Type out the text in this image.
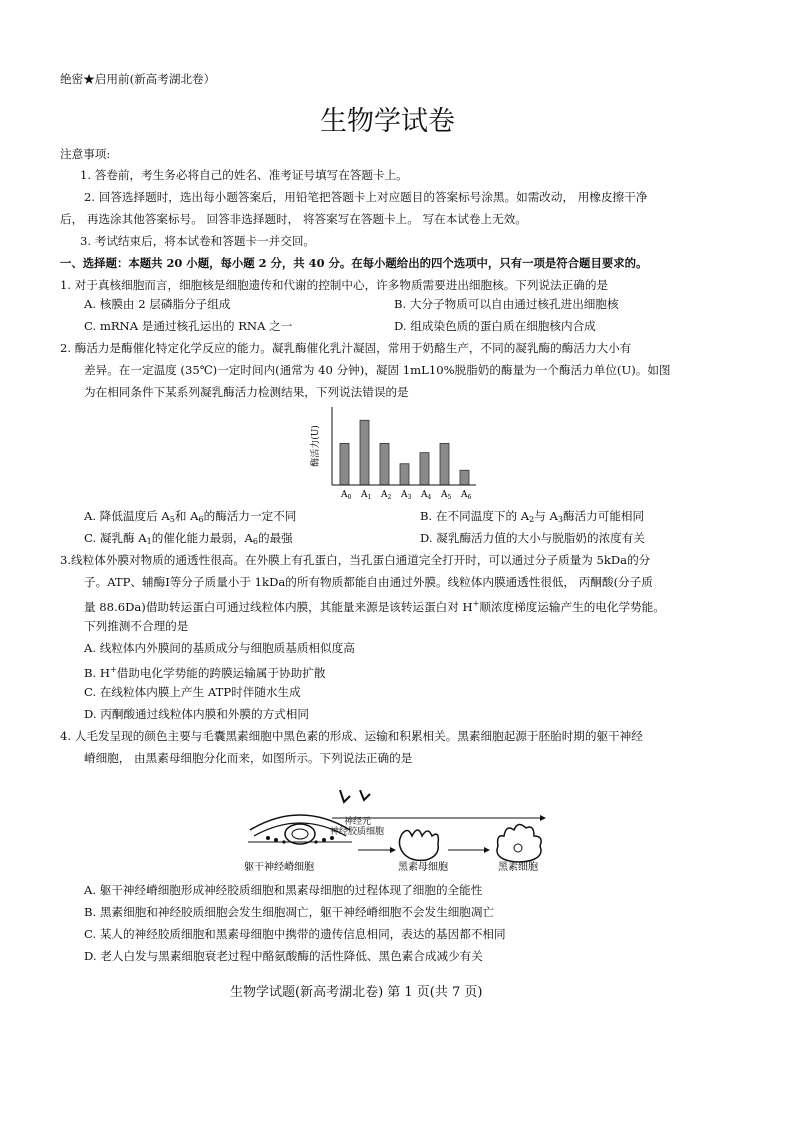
绝密★启用前(新高考湖北卷）
生物学试卷
注意事项:
1. 答卷前，考生务必将自己的姓名、准考证号填写在答题卡上。
2. 回答选择题时，选出每小题答案后，用铅笔把答题卡上对应题目的答案标号涂黑。如需改动， 用橡皮擦干净
后， 再选涂其他答案标号。 回答非选择题时， 将答案写在答题卡上。 写在本试卷上无效。
3. 考试结束后，将本试卷和答题卡一并交回。
一、选择题：本题共 20 小题，每小题 2 分，共 40 分。在每小题给出的四个选项中，只有一项是符合题目要求的。
1. 对于真核细胞而言，细胞核是细胞遗传和代谢的控制中心，许多物质需要进出细胞核。下列说法正确的是
A. 核膜由 2 层磷脂分子组成	B. 大分子物质可以自由通过核孔进出细胞核
C. mRNA 是通过核孔运出的 RNA 之一	D. 组成染色质的蛋白质在细胞核内合成
2. 酶活力是酶催化特定化学反应的能力。凝乳酶催化乳汁凝固，常用于奶酪生产，不同的凝乳酶的酶活力大小有
差异。在一定温度 (35℃)一定时间内(通常为 40 分钟)，凝固 1mL10%脱脂奶的酶量为一个酶活力单位(U)。如图
为在相同条件下某系列凝乳酶活力检测结果，下列说法错误的是
酶活力(U)
$A_0$ $A_1$ $A_2$ $A_3$ $A_4$ $A_5$ $A_6$
A. 降低温度后 $A_5$和 $A_6$的酶活力一定不同	B. 在不同温度下的 $A_2$与 $A_3$酶活力可能相同
C. 凝乳酶 $A_1$的催化能力最弱，$A_6$的最强	D. 凝乳酶活力值的大小与脱脂奶的浓度有关
3.线粒体外膜对物质的通透性很高。在外膜上有孔蛋白，当孔蛋白通道完全打开时，可以通过分子质量为 5kDa的分
子。ATP、辅酶Ⅰ等分子质量小于 1kDa的所有物质都能自由通过外膜。线粒体内膜通透性很低， 丙酮酸(分子质
量 88.6Da)借助转运蛋白可通过线粒体内膜，其能量来源是该转运蛋白对 H+顺浓度梯度运输产生的电化学势能。
下列推测不合理的是
A. 线粒体内外膜间的基质成分与细胞质基质相似度高
B. H+借助电化学势能的跨膜运输属于协助扩散
C. 在线粒体内膜上产生 ATP时伴随水生成
D. 丙酮酸通过线粒体内膜和外膜的方式相同
4. 人毛发呈现的颜色主要与毛囊黑素细胞中黑色素的形成、运输和积累相关。黑素细胞起源于胚胎时期的躯干神经
嵴细胞， 由黑素母细胞分化而来，如图所示。下列说法正确的是
躯干神经嵴细胞
神经元
神经胶质细胞
黑素母细胞	黑素细胞
A. 躯干神经嵴细胞形成神经胶质细胞和黑素母细胞的过程体现了细胞的全能性
B. 黑素细胞和神经胶质细胞会发生细胞凋亡，躯干神经嵴细胞不会发生细胞凋亡
C. 某人的神经胶质细胞和黑素母细胞中携带的遗传信息相同，表达的基因都不相同
D. 老人白发与黑素细胞衰老过程中酪氨酸酶的活性降低、黑色素合成减少有关
生物学试题(新高考湖北卷) 第 1 页(共 7 页)
